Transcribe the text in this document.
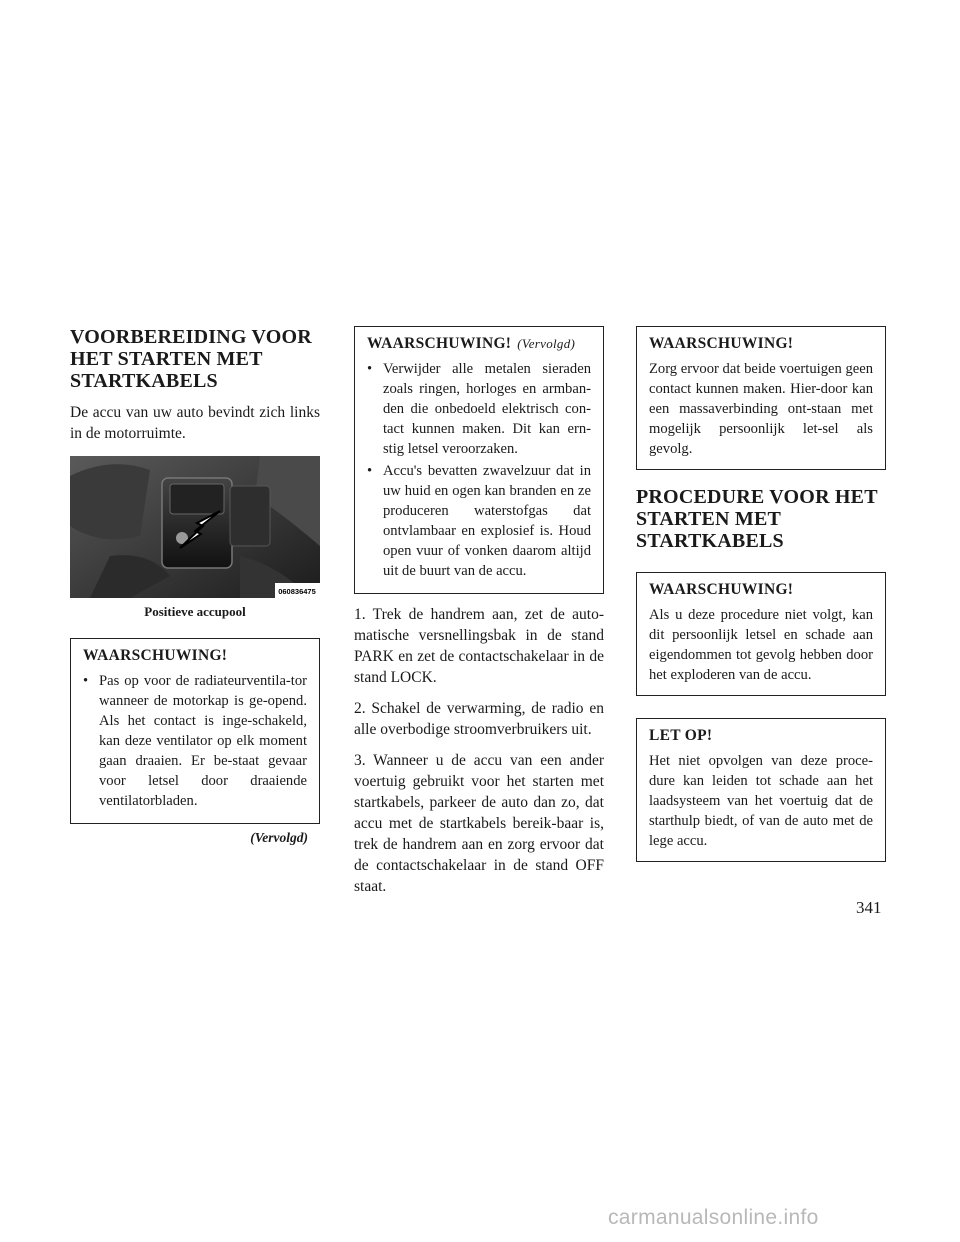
VOORBEREIDING VOOR
HET STARTEN MET
STARTKABELS

De accu van uw auto bevindt zich links in de motorruimte.

060836475
Positieve accupool
WAARSCHUWING!
• Pas op voor de radiateurventila-tor wanneer de motorkap is ge-opend. Als het contact is inge-schakeld, kan deze ventilator op elk moment gaan draaien. Er be-staat gevaar voor letsel door draaiende ventilatorbladen.
(Vervolgd)
WAARSCHUWING! (Vervolgd)
• Verwijder alle metalen sieraden zoals ringen, horloges en armban-den die onbedoeld elektrisch con-tact kunnen maken. Dit kan ern-stig letsel veroorzaken.
• Accu's bevatten zwavelzuur dat in uw huid en ogen kan branden en ze produceren waterstofgas dat ontvlambaar en explosief is. Houd open vuur of vonken daarom altijd uit de buurt van de accu.

1. Trek de handrem aan, zet de auto-matische versnellingsbak in de stand PARK en zet de contactschakelaar in de stand LOCK.

2. Schakel de verwarming, de radio en alle overbodige stroomverbruikers uit.

3. Wanneer u de accu van een ander voertuig gebruikt voor het starten met startkabels, parkeer de auto dan zo, dat accu met de startkabels bereik-baar is, trek de handrem aan en zorg ervoor dat de contactschakelaar in de stand OFF staat.

WAARSCHUWING!

Zorg ervoor dat beide voertuigen geen contact kunnen maken. Hier-door kan een massaverbinding ont-staan met mogelijk persoonlijk let-sel als gevolg.

PROCEDURE VOOR HET
STARTEN MET
STARTKABELS
WAARSCHUWING!

Als u deze procedure niet volgt, kan dit persoonlijk letsel en schade aan eigendommen tot gevolg hebben door het exploderen van de accu.

LET OP!

Het niet opvolgen van deze proce-dure kan leiden tot schade aan het laadsysteem van het voertuig dat de starthulp biedt, of van de auto met de lege accu.

341
carmanualsonline.info
